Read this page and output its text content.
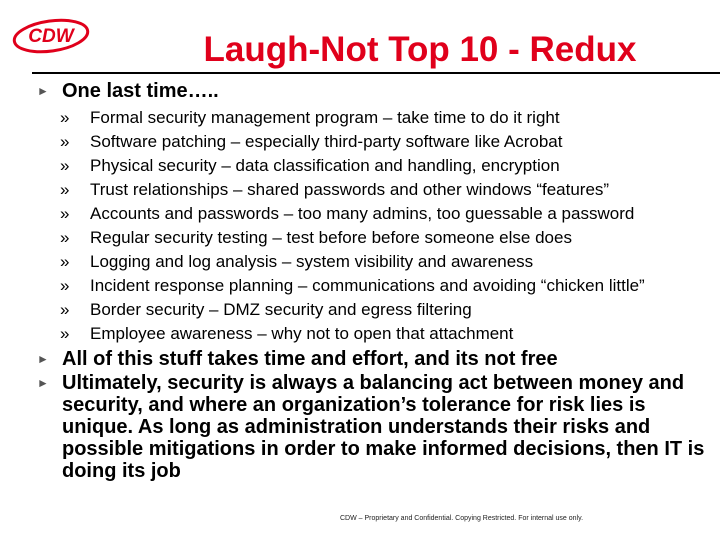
CDW	Laugh-Not Top 10 - Redux
► One last time…..
» Formal security management program – take time to do it right
» Software patching – especially third-party software like Acrobat
» Physical security – data classification and handling, encryption
» Trust relationships – shared passwords and other windows “features”
» Accounts and passwords – too many admins, too guessable a password
» Regular security testing – test before before someone else does
» Logging and log analysis – system visibility and awareness
» Incident response planning – communications and avoiding “chicken little”
» Border security – DMZ security and egress filtering
» Employee awareness – why not to open that attachment
► All of this stuff takes time and effort, and its not free
► Ultimately, security is always a balancing act between money and security, and where an organization’s tolerance for risk lies is unique. As long as administration understands their risks and possible mitigations in order to make informed decisions, then IT is doing its job
CDW – Proprietary and Confidential. Copying Restricted. For internal use only.
